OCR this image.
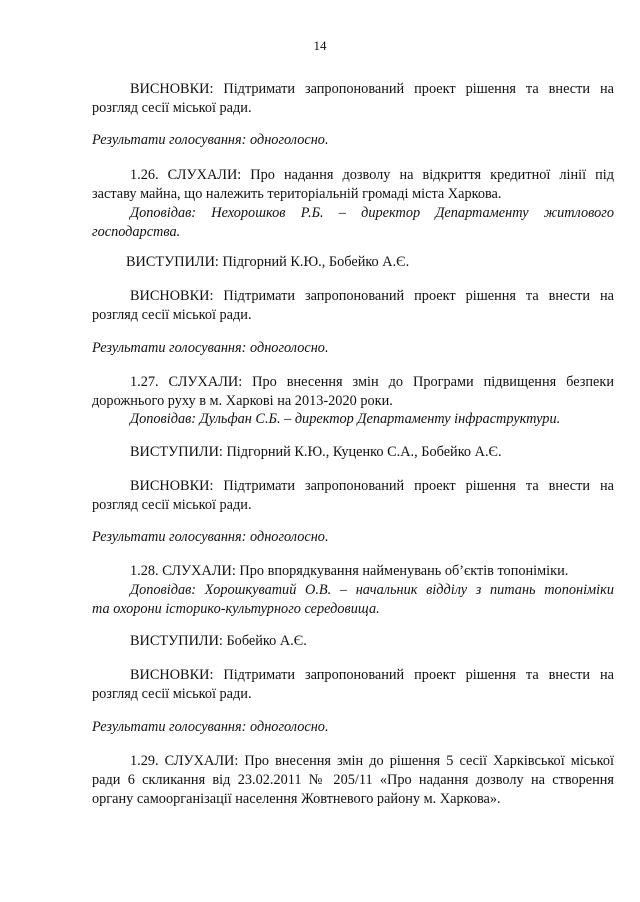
14
ВИСНОВКИ: Підтримати запропонований проект рішення та внести на
розгляд сесії міської ради.
Результати голосування: одноголосно.
1.26. СЛУХАЛИ: Про надання дозволу на відкриття кредитної лінії під
заставу майна, що належить територіальній громаді міста Харкова.
Доповідав: Нехорошков Р.Б. – директор Департаменту житлового
господарства.
ВИСТУПИЛИ: Підгорний К.Ю., Бобейко А.Є.
ВИСНОВКИ: Підтримати запропонований проект рішення та внести на
розгляд сесії міської ради.
Результати голосування: одноголосно.
1.27. СЛУХАЛИ: Про внесення змін до Програми підвищення безпеки
дорожнього руху в м. Харкові на 2013-2020 роки.
Доповідав: Дульфан С.Б. – директор Департаменту інфраструктури.
ВИСТУПИЛИ: Підгорний К.Ю., Куценко С.А., Бобейко А.Є.
ВИСНОВКИ: Підтримати запропонований проект рішення та внести на
розгляд сесії міської ради.
Результати голосування: одноголосно.
1.28. СЛУХАЛИ: Про впорядкування найменувань об’єктів топоніміки.
Доповідав: Хорошкуватий О.В. – начальник відділу з питань топоніміки
та охорони історико-культурного середовища.
ВИСТУПИЛИ: Бобейко А.Є.
ВИСНОВКИ: Підтримати запропонований проект рішення та внести на
розгляд сесії міської ради.
Результати голосування: одноголосно.
1.29. СЛУХАЛИ: Про внесення змін до рішення 5 сесії Харківської міської
ради 6 скликання від 23.02.2011 № 205/11 «Про надання дозволу на створення
органу самоорганізації населення Жовтневого району м. Харкова».
